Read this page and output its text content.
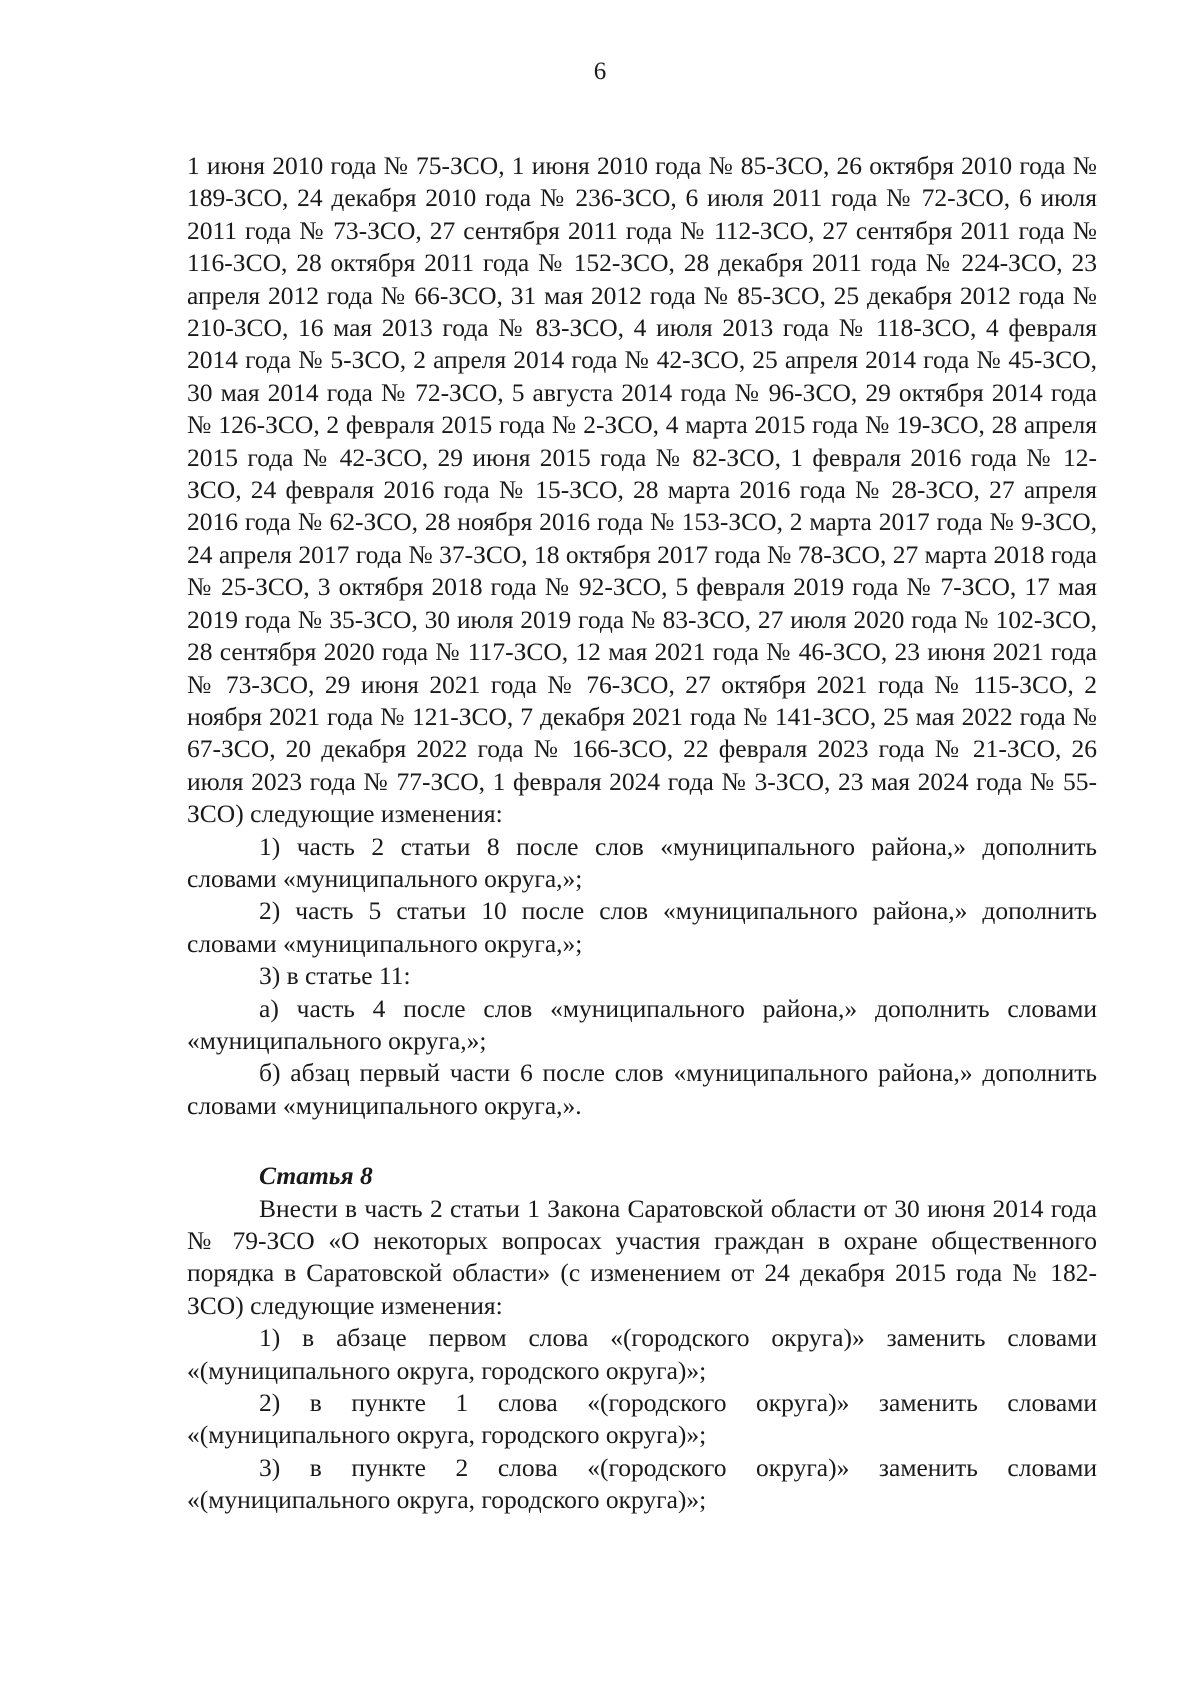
6

1 июня 2010 года № 75-ЗСО, 1 июня 2010 года № 85-ЗСО, 26 октября 2010 года № 189-ЗСО, 24 декабря 2010 года № 236-ЗСО, 6 июля 2011 года № 72-ЗСО, 6 июля 2011 года № 73-ЗСО, 27 сентября 2011 года № 112-ЗСО, 27 сентября 2011 года № 116-ЗСО, 28 октября 2011 года № 152-ЗСО, 28 декабря 2011 года № 224-ЗСО, 23 апреля 2012 года № 66-ЗСО, 31 мая 2012 года № 85-ЗСО, 25 декабря 2012 года № 210-ЗСО, 16 мая 2013 года № 83-ЗСО, 4 июля 2013 года № 118-ЗСО, 4 февраля 2014 года № 5-ЗСО, 2 апреля 2014 года № 42-ЗСО, 25 апреля 2014 года № 45-ЗСО, 30 мая 2014 года № 72-ЗСО, 5 августа 2014 года № 96-ЗСО, 29 октября 2014 года № 126-ЗСО, 2 февраля 2015 года № 2-ЗСО, 4 марта 2015 года № 19-ЗСО, 28 апреля 2015 года № 42-ЗСО, 29 июня 2015 года № 82-ЗСО, 1 февраля 2016 года № 12-ЗСО, 24 февраля 2016 года № 15-ЗСО, 28 марта 2016 года № 28-ЗСО, 27 апреля 2016 года № 62-ЗСО, 28 ноября 2016 года № 153-ЗСО, 2 марта 2017 года № 9-ЗСО, 24 апреля 2017 года № 37-ЗСО, 18 октября 2017 года № 78-ЗСО, 27 марта 2018 года № 25-ЗСО, 3 октября 2018 года № 92-ЗСО, 5 февраля 2019 года № 7-ЗСО, 17 мая 2019 года № 35-ЗСО, 30 июля 2019 года № 83-ЗСО, 27 июля 2020 года № 102-ЗСО, 28 сентября 2020 года № 117-ЗСО, 12 мая 2021 года № 46-ЗСО, 23 июня 2021 года № 73-ЗСО, 29 июня 2021 года № 76-ЗСО, 27 октября 2021 года № 115-ЗСО, 2 ноября 2021 года № 121-ЗСО, 7 декабря 2021 года № 141-ЗСО, 25 мая 2022 года № 67-ЗСО, 20 декабря 2022 года № 166-ЗСО, 22 февраля 2023 года № 21-ЗСО, 26 июля 2023 года № 77-ЗСО, 1 февраля 2024 года № 3-ЗСО, 23 мая 2024 года № 55-ЗСО) следующие изменения:

1) часть 2 статьи 8 после слов «муниципального района,» дополнить словами «муниципального округа,»;

2) часть 5 статьи 10 после слов «муниципального района,» дополнить словами «муниципального округа,»;

3) в статье 11:

а) часть 4 после слов «муниципального района,» дополнить словами «муниципального округа,»;

б) абзац первый части 6 после слов «муниципального района,» дополнить словами «муниципального округа,».

Статья 8

Внести в часть 2 статьи 1 Закона Саратовской области от 30 июня 2014 года № 79-ЗСО «О некоторых вопросах участия граждан в охране общественного порядка в Саратовской области» (с изменением от 24 декабря 2015 года № 182-ЗСО) следующие изменения:

1) в абзаце первом слова «(городского округа)» заменить словами «(муниципального округа, городского округа)»;

2) в пункте 1 слова «(городского округа)» заменить словами «(муниципального округа, городского округа)»;

3) в пункте 2 слова «(городского округа)» заменить словами «(муниципального округа, городского округа)»;
